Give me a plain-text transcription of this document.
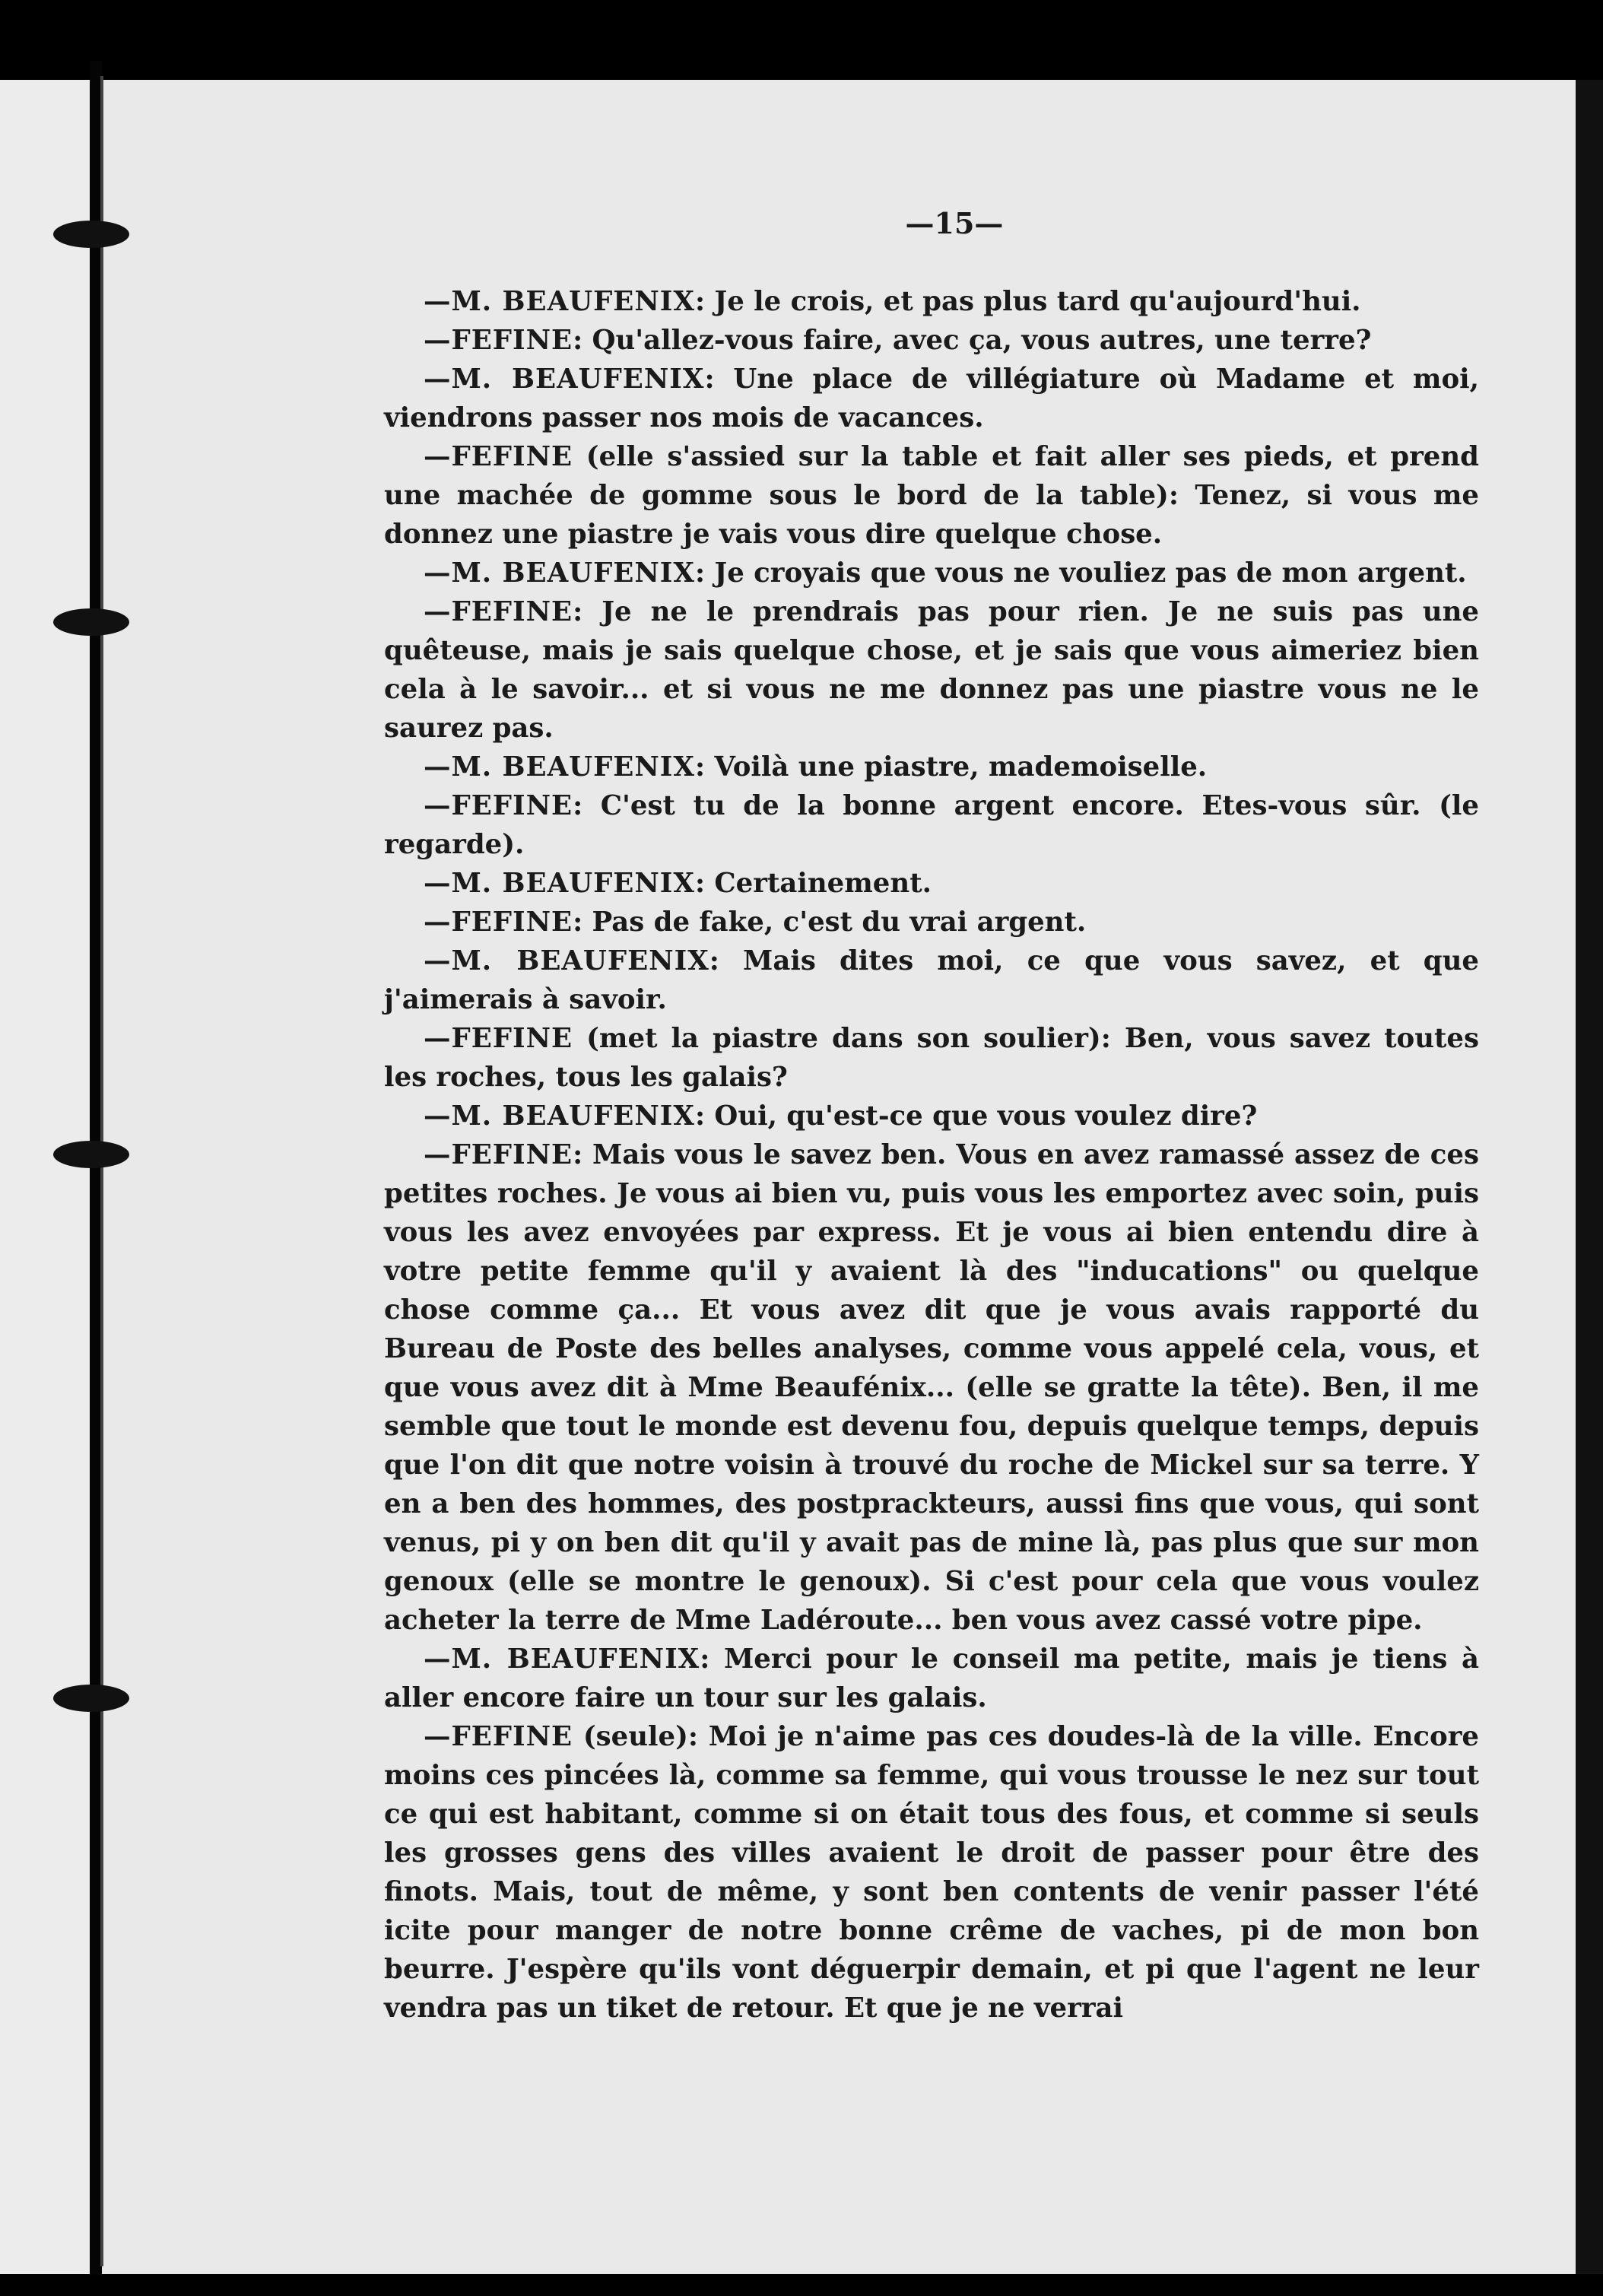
—15—

—M. BEAUFENIX: Je le crois, et pas plus tard qu'aujourd'hui.

—FEFINE: Qu'allez-vous faire, avec ça, vous autres, une terre?

—M. BEAUFENIX: Une place de villégiature où Madame et moi, viendrons passer nos mois de vacances.

—FEFINE (elle s'assied sur la table et fait aller ses pieds, et prend une machée de gomme sous le bord de la table): Tenez, si vous me donnez une piastre je vais vous dire quelque chose.

—M. BEAUFENIX: Je croyais que vous ne vouliez pas de mon argent.

—FEFINE: Je ne le prendrais pas pour rien. Je ne suis pas une quêteuse, mais je sais quelque chose, et je sais que vous aimeriez bien cela à le savoir... et si vous ne me donnez pas une piastre vous ne le saurez pas.

—M. BEAUFENIX: Voilà une piastre, mademoiselle.

—FEFINE: C'est tu de la bonne argent encore. Etes-vous sûr. (le regarde).

—M. BEAUFENIX: Certainement.

—FEFINE: Pas de fake, c'est du vrai argent.

—M. BEAUFENIX: Mais dites moi, ce que vous savez, et que j'aimerais à savoir.

—FEFINE (met la piastre dans son soulier): Ben, vous savez toutes les roches, tous les galais?

—M. BEAUFENIX: Oui, qu'est-ce que vous voulez dire?

—FEFINE: Mais vous le savez ben. Vous en avez ramassé assez de ces petites roches. Je vous ai bien vu, puis vous les emportez avec soin, puis vous les avez envoyées par express. Et je vous ai bien entendu dire à votre petite femme qu'il y avaient là des "inducations" ou quelque chose comme ça... Et vous avez dit que je vous avais rapporté du Bureau de Poste des belles analyses, comme vous appelé cela, vous, et que vous avez dit à Mme Beaufénix... (elle se gratte la tête). Ben, il me semble que tout le monde est devenu fou, depuis quelque temps, depuis que l'on dit que notre voisin à trouvé du roche de Mickel sur sa terre. Y en a ben des hommes, des postprackteurs, aussi fins que vous, qui sont venus, pi y on ben dit qu'il y avait pas de mine là, pas plus que sur mon genoux (elle se montre le genoux). Si c'est pour cela que vous voulez acheter la terre de Mme Ladéroute... ben vous avez cassé votre pipe.

—M. BEAUFENIX: Merci pour le conseil ma petite, mais je tiens à aller encore faire un tour sur les galais.

—FEFINE (seule): Moi je n'aime pas ces doudes-là de la ville. Encore moins ces pincées là, comme sa femme, qui vous trousse le nez sur tout ce qui est habitant, comme si on était tous des fous, et comme si seuls les grosses gens des villes avaient le droit de passer pour être des finots. Mais, tout de même, y sont ben contents de venir passer l'été icite pour manger de notre bonne crême de vaches, pi de mon bon beurre. J'espère qu'ils vont déguerpir demain, et pi que l'agent ne leur vendra pas un tiket de retour. Et que je ne verrai
